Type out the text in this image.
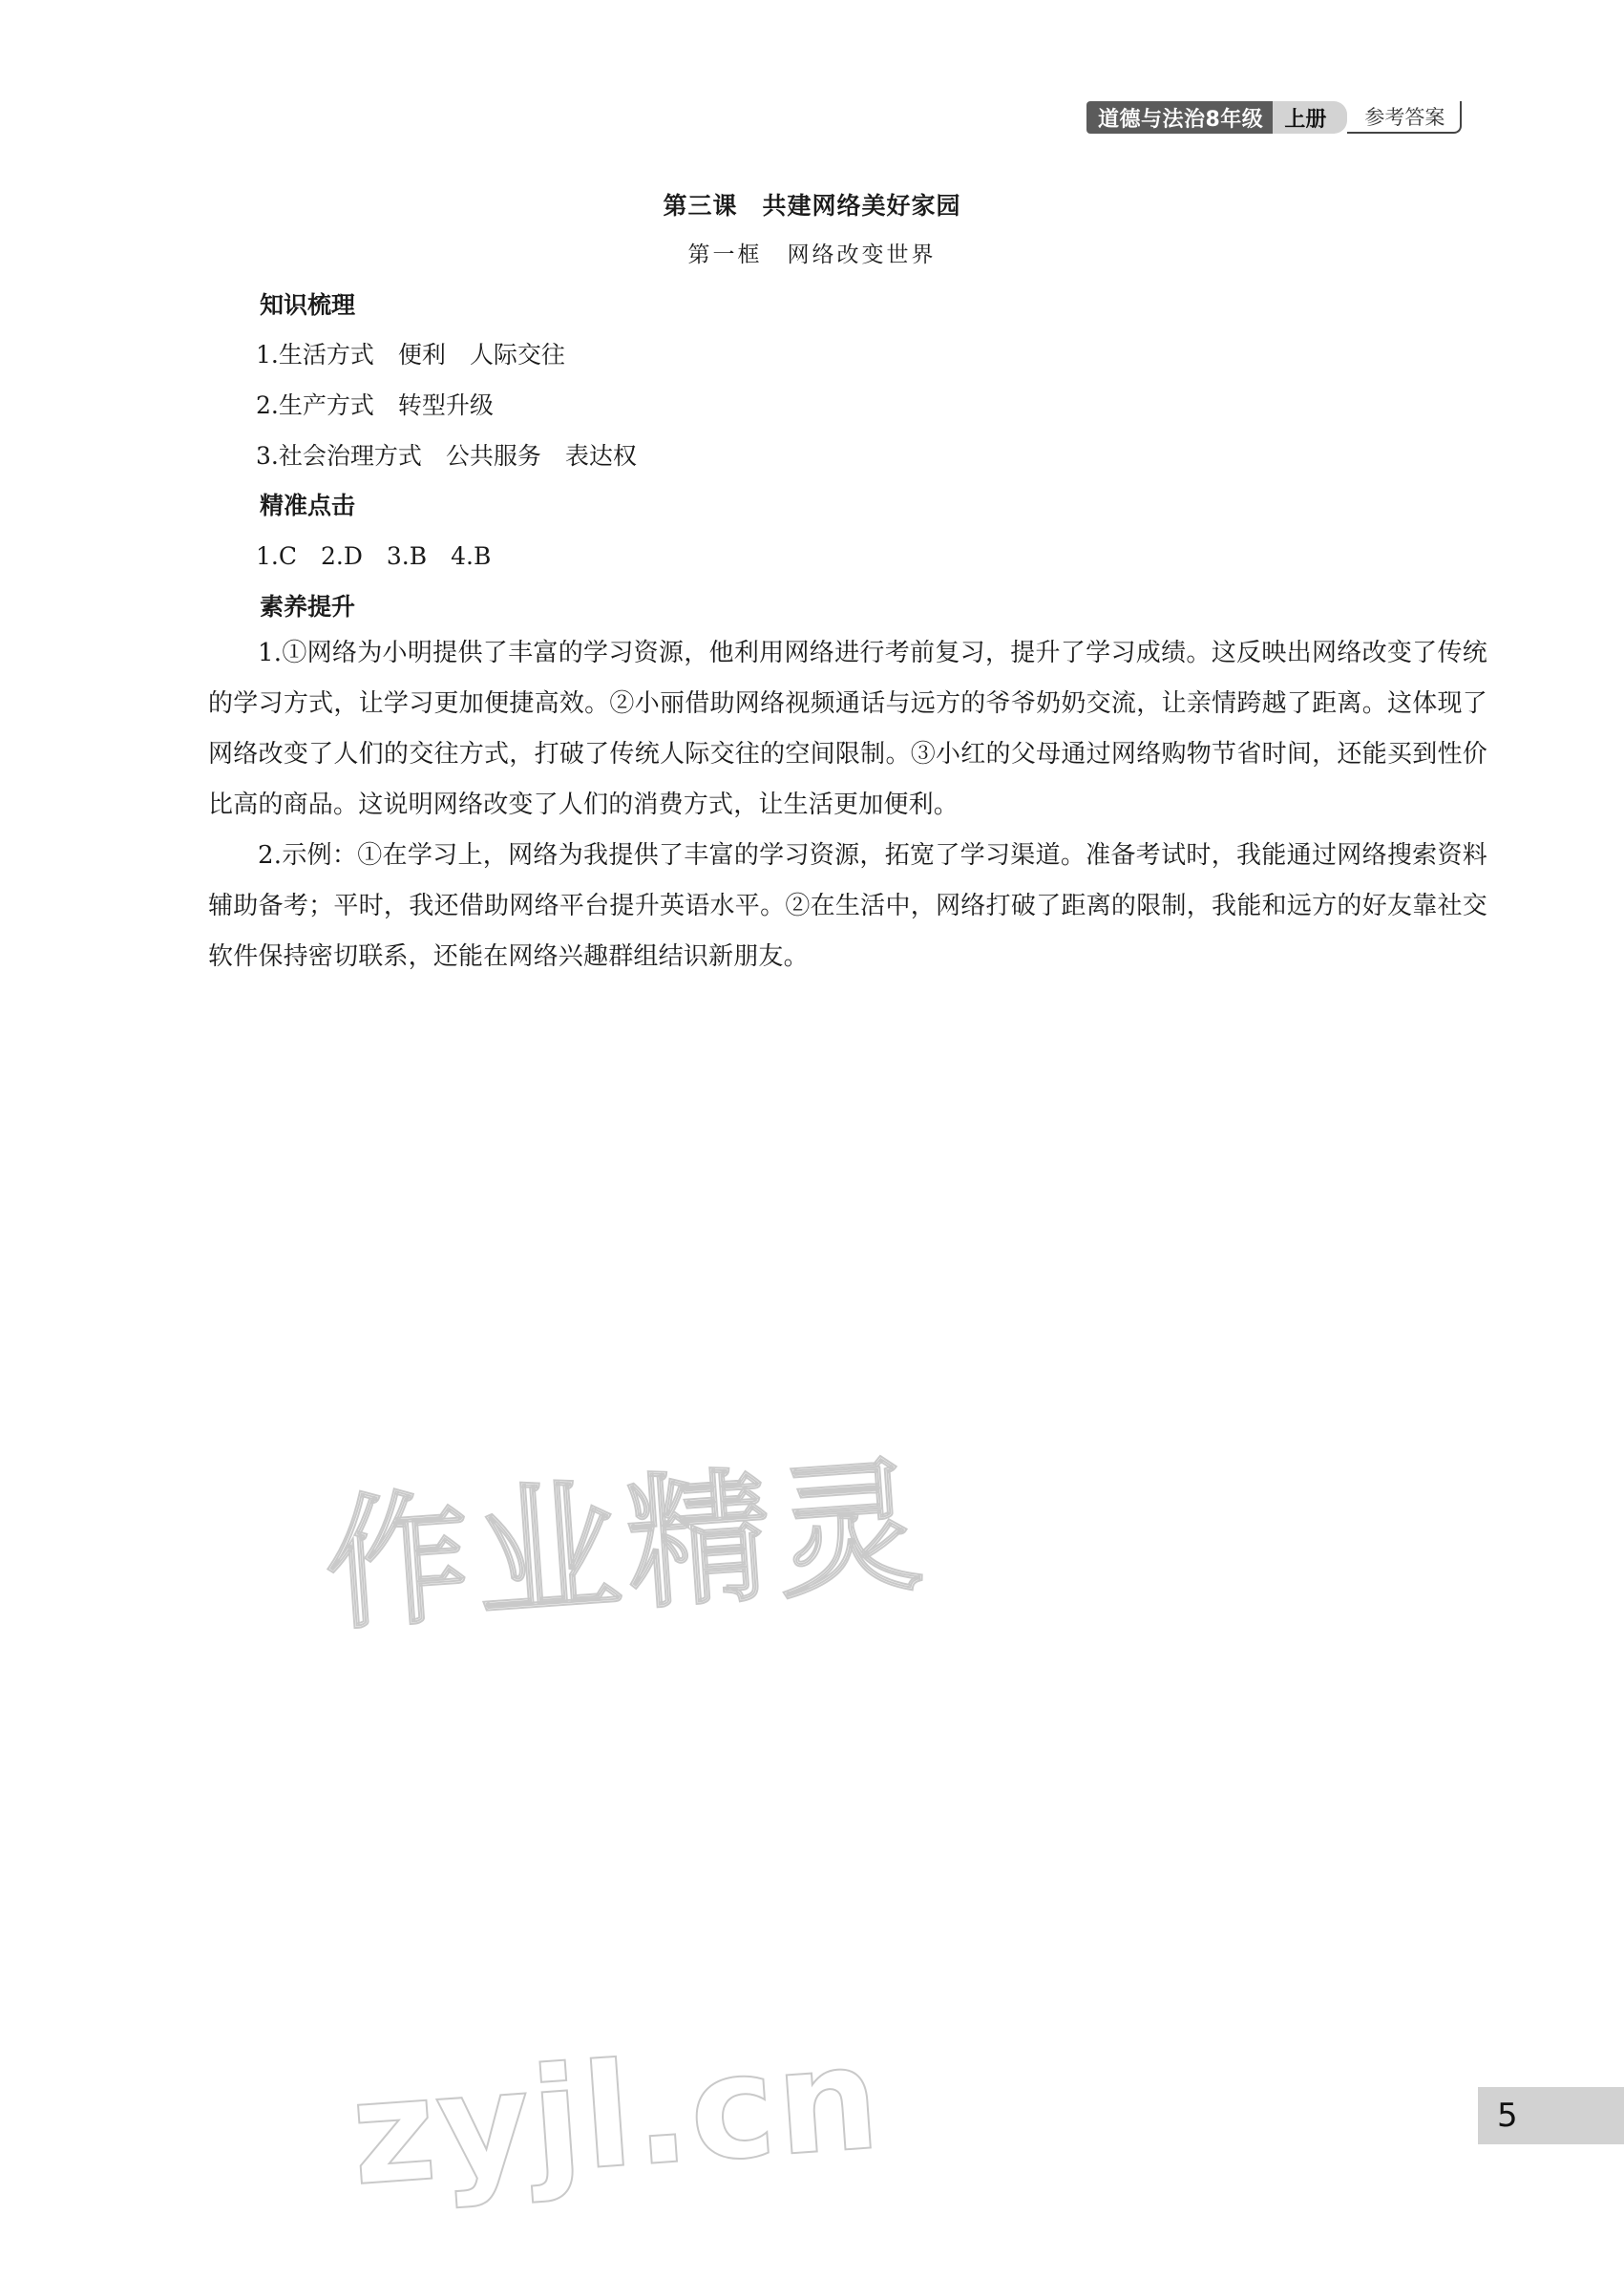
道德与法治8年级	上册	参考答案
第三课　共建网络美好家园
第一框　网络改变世界
知识梳理
1.生活方式　便利　人际交往
2.生产方式　转型升级
3.社会治理方式　公共服务　表达权
精准点击
1.C　2.D　3.B　4.B
素养提升
1.①网络为小明提供了丰富的学习资源，他利用网络进行考前复习，提升了学习成绩。这反映出网络改变了传统的学习方式，让学习更加便捷高效。②小丽借助网络视频通话与远方的爷爷奶奶交流，让亲情跨越了距离。这体现了网络改变了人们的交往方式，打破了传统人际交往的空间限制。③小红的父母通过网络购物节省时间，还能买到性价比高的商品。这说明网络改变了人们的消费方式，让生活更加便利。
2.示例：①在学习上，网络为我提供了丰富的学习资源，拓宽了学习渠道。准备考试时，我能通过网络搜索资料辅助备考；平时，我还借助网络平台提升英语水平。②在生活中，网络打破了距离的限制，我能和远方的好友靠社交软件保持密切联系，还能在网络兴趣群组结识新朋友。
作业精灵
zyjl.cn	5
